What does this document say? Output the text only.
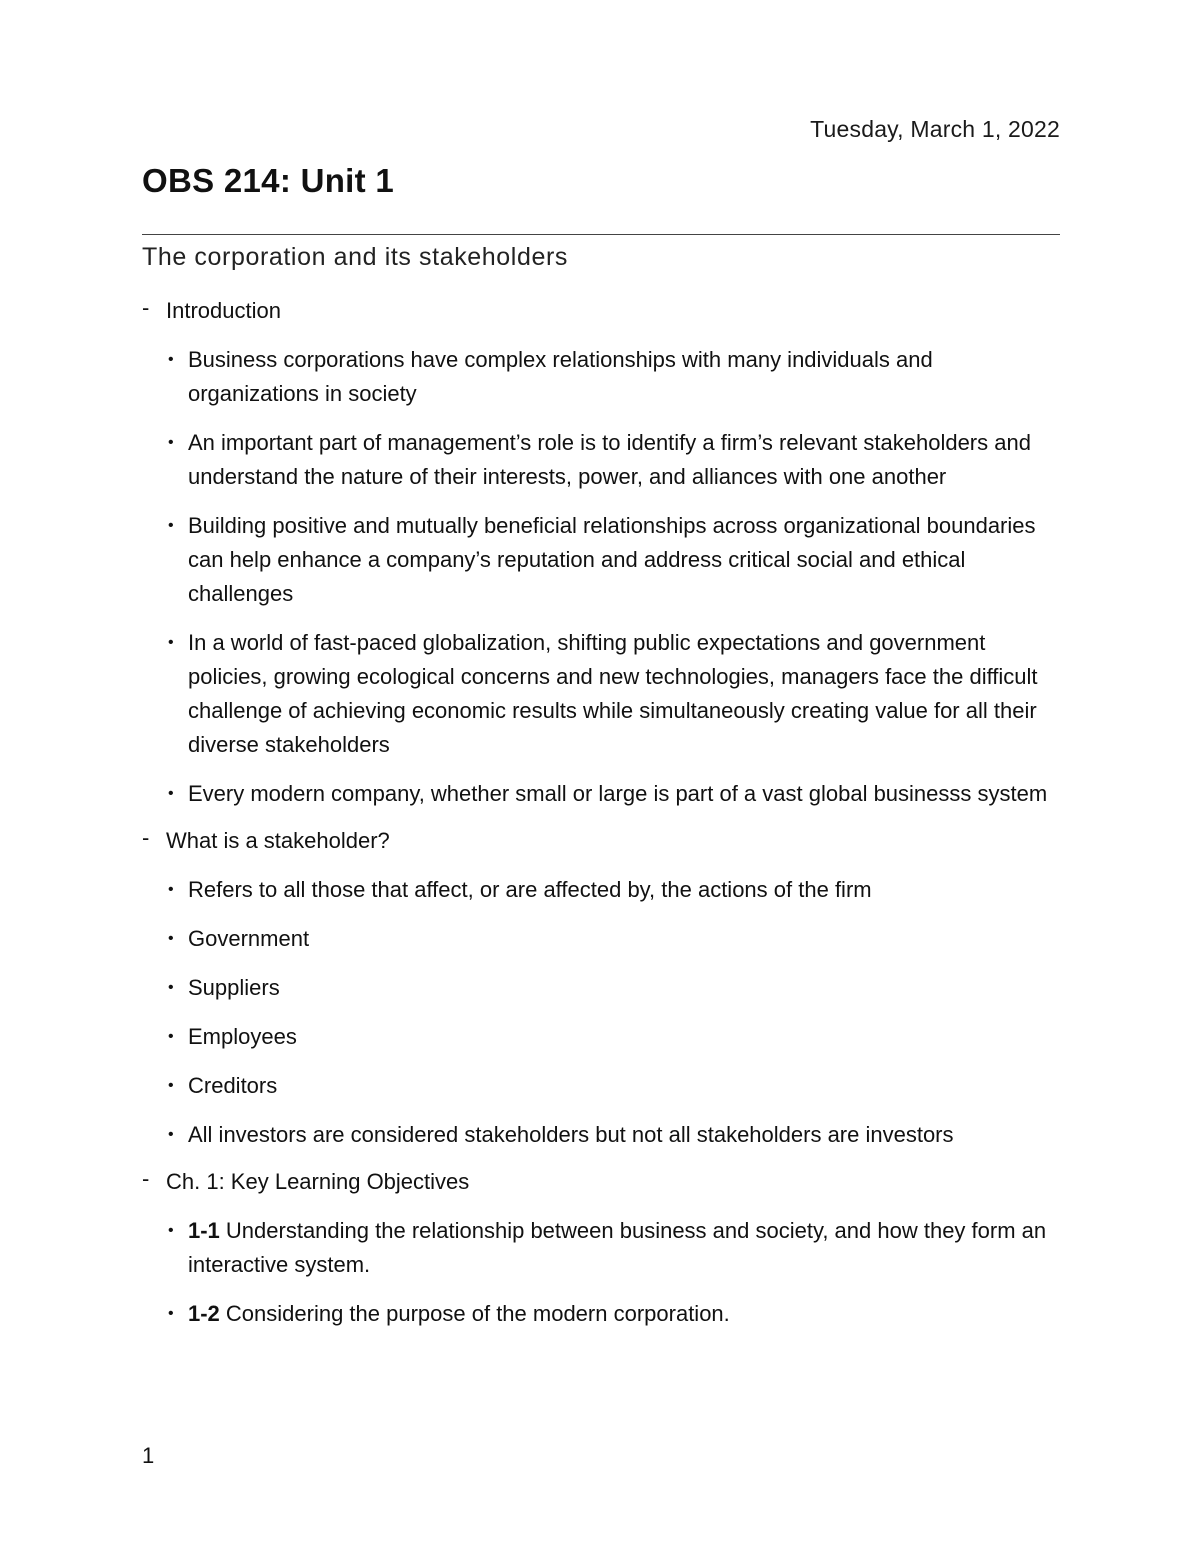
Tuesday, March 1, 2022
OBS 214: Unit 1
The corporation and its stakeholders
- Introduction
• Business corporations have complex relationships with many individuals and organizations in society
• An important part of management’s role is to identify a firm’s relevant stakeholders and understand the nature of their interests, power, and alliances with one another
• Building positive and mutually beneficial relationships across organizational boundaries can help enhance a company’s reputation and address critical social and ethical challenges
• In a world of fast-paced globalization, shifting public expectations and government policies, growing ecological concerns and new technologies, managers face the difficult challenge of achieving economic results while simultaneously creating value for all their diverse stakeholders
• Every modern company, whether small or large is part of a vast global businesss system
- What is a stakeholder?
• Refers to all those that affect, or are affected by, the actions of the firm
• Government
• Suppliers
• Employees
• Creditors
• All investors are considered stakeholders but not all stakeholders are investors
- Ch. 1: Key Learning Objectives
• 1-1 Understanding the relationship between business and society, and how they form an interactive system.
• 1-2 Considering the purpose of the modern corporation.
1
